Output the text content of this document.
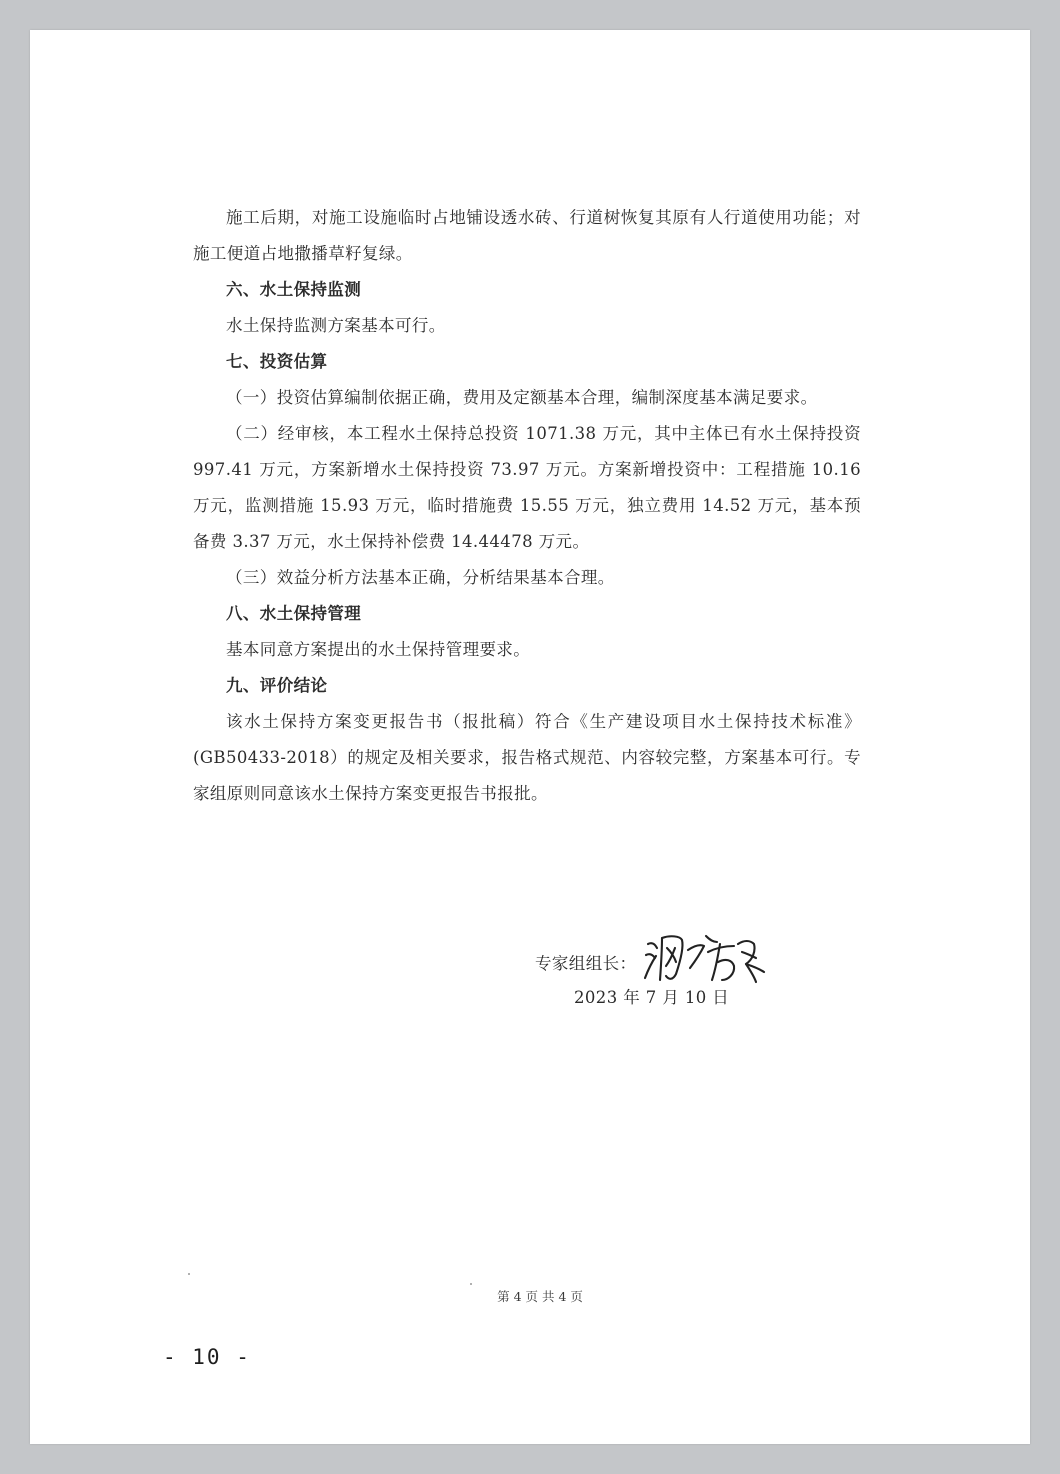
施工后期，对施工设施临时占地铺设透水砖、行道树恢复其原有人行道使用功能；对施工便道占地撒播草籽复绿。

六、水土保持监测

水土保持监测方案基本可行。

七、投资估算

（一）投资估算编制依据正确，费用及定额基本合理，编制深度基本满足要求。

（二）经审核，本工程水土保持总投资 1071.38 万元，其中主体已有水土保持投资 997.41 万元，方案新增水土保持投资 73.97 万元。方案新增投资中：工程措施 10.16 万元，监测措施 15.93 万元，临时措施费 15.55 万元，独立费用 14.52 万元，基本预备费 3.37 万元，水土保持补偿费 14.44478 万元。

（三）效益分析方法基本正确，分析结果基本合理。

八、水土保持管理

基本同意方案提出的水土保持管理要求。

九、评价结论

该水土保持方案变更报告书（报批稿）符合《生产建设项目水土保持技术标准》(GB50433-2018）的规定及相关要求，报告格式规范、内容较完整，方案基本可行。专家组原则同意该水土保持方案变更报告书报批。

专家组组长：
2023 年 7 月 10 日
第 4 页 共 4 页
- 10 -
